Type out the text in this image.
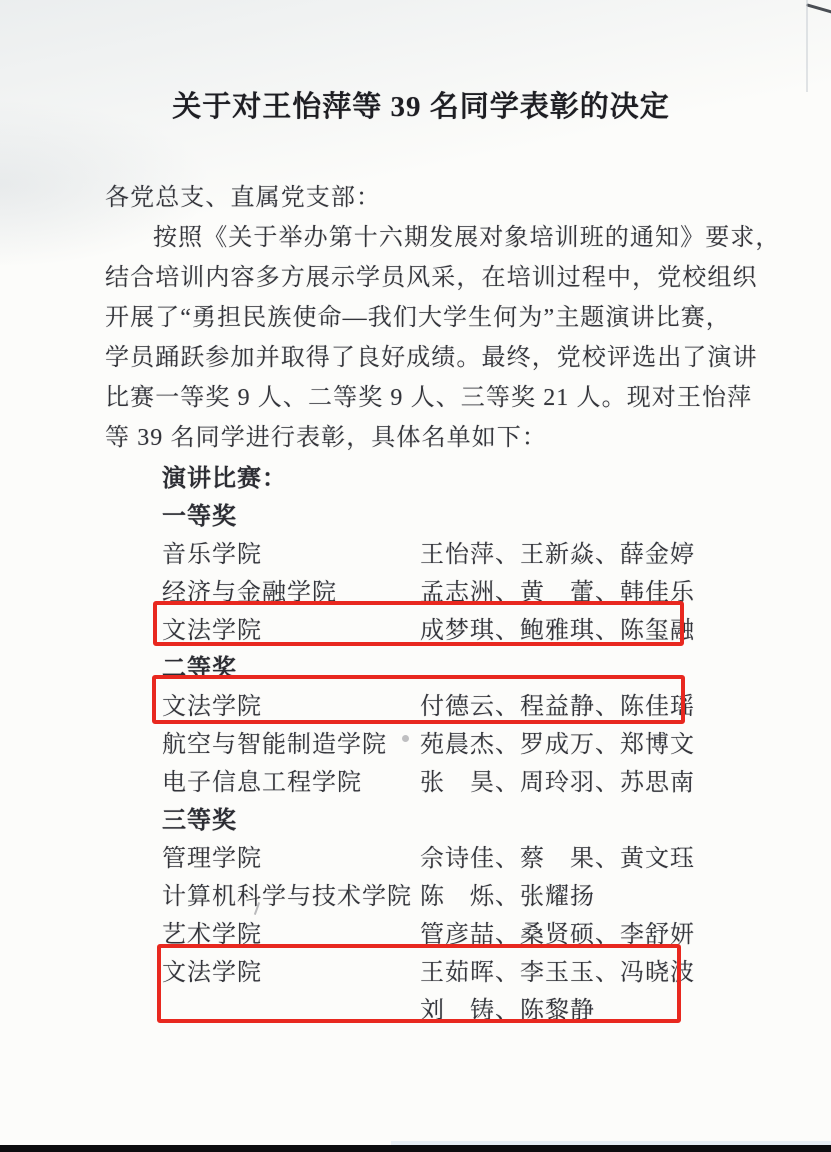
关于对王怡萍等 39 名同学表彰的决定
各党总支、直属党支部：
按照《关于举办第十六期发展对象培训班的通知》要求，
结合培训内容多方展示学员风采，在培训过程中，党校组织
开展了“勇担民族使命—我们大学生何为”主题演讲比赛，
学员踊跃参加并取得了良好成绩。最终，党校评选出了演讲
比赛一等奖 9 人、二等奖 9 人、三等奖 21 人。现对王怡萍
等 39 名同学进行表彰，具体名单如下：
演讲比赛：
一等奖
音乐学院	王怡萍、王新焱、薛金婷
经济与金融学院	孟志洲、黄　蕾、韩佳乐
文法学院	成梦琪、鲍雅琪、陈玺融
二等奖
文法学院	付德云、程益静、陈佳瑶
航空与智能制造学院	苑晨杰、罗成万、郑博文
电子信息工程学院	张　昊、周玲羽、苏思南
三等奖
管理学院	佘诗佳、蔡　果、黄文珏
计算机科学与技术学院 陈　烁、张耀扬
艺术学院	管彦喆、桑贤硕、李舒妍
文法学院	王茹晖、李玉玉、冯晓波
刘　铸、陈黎静
